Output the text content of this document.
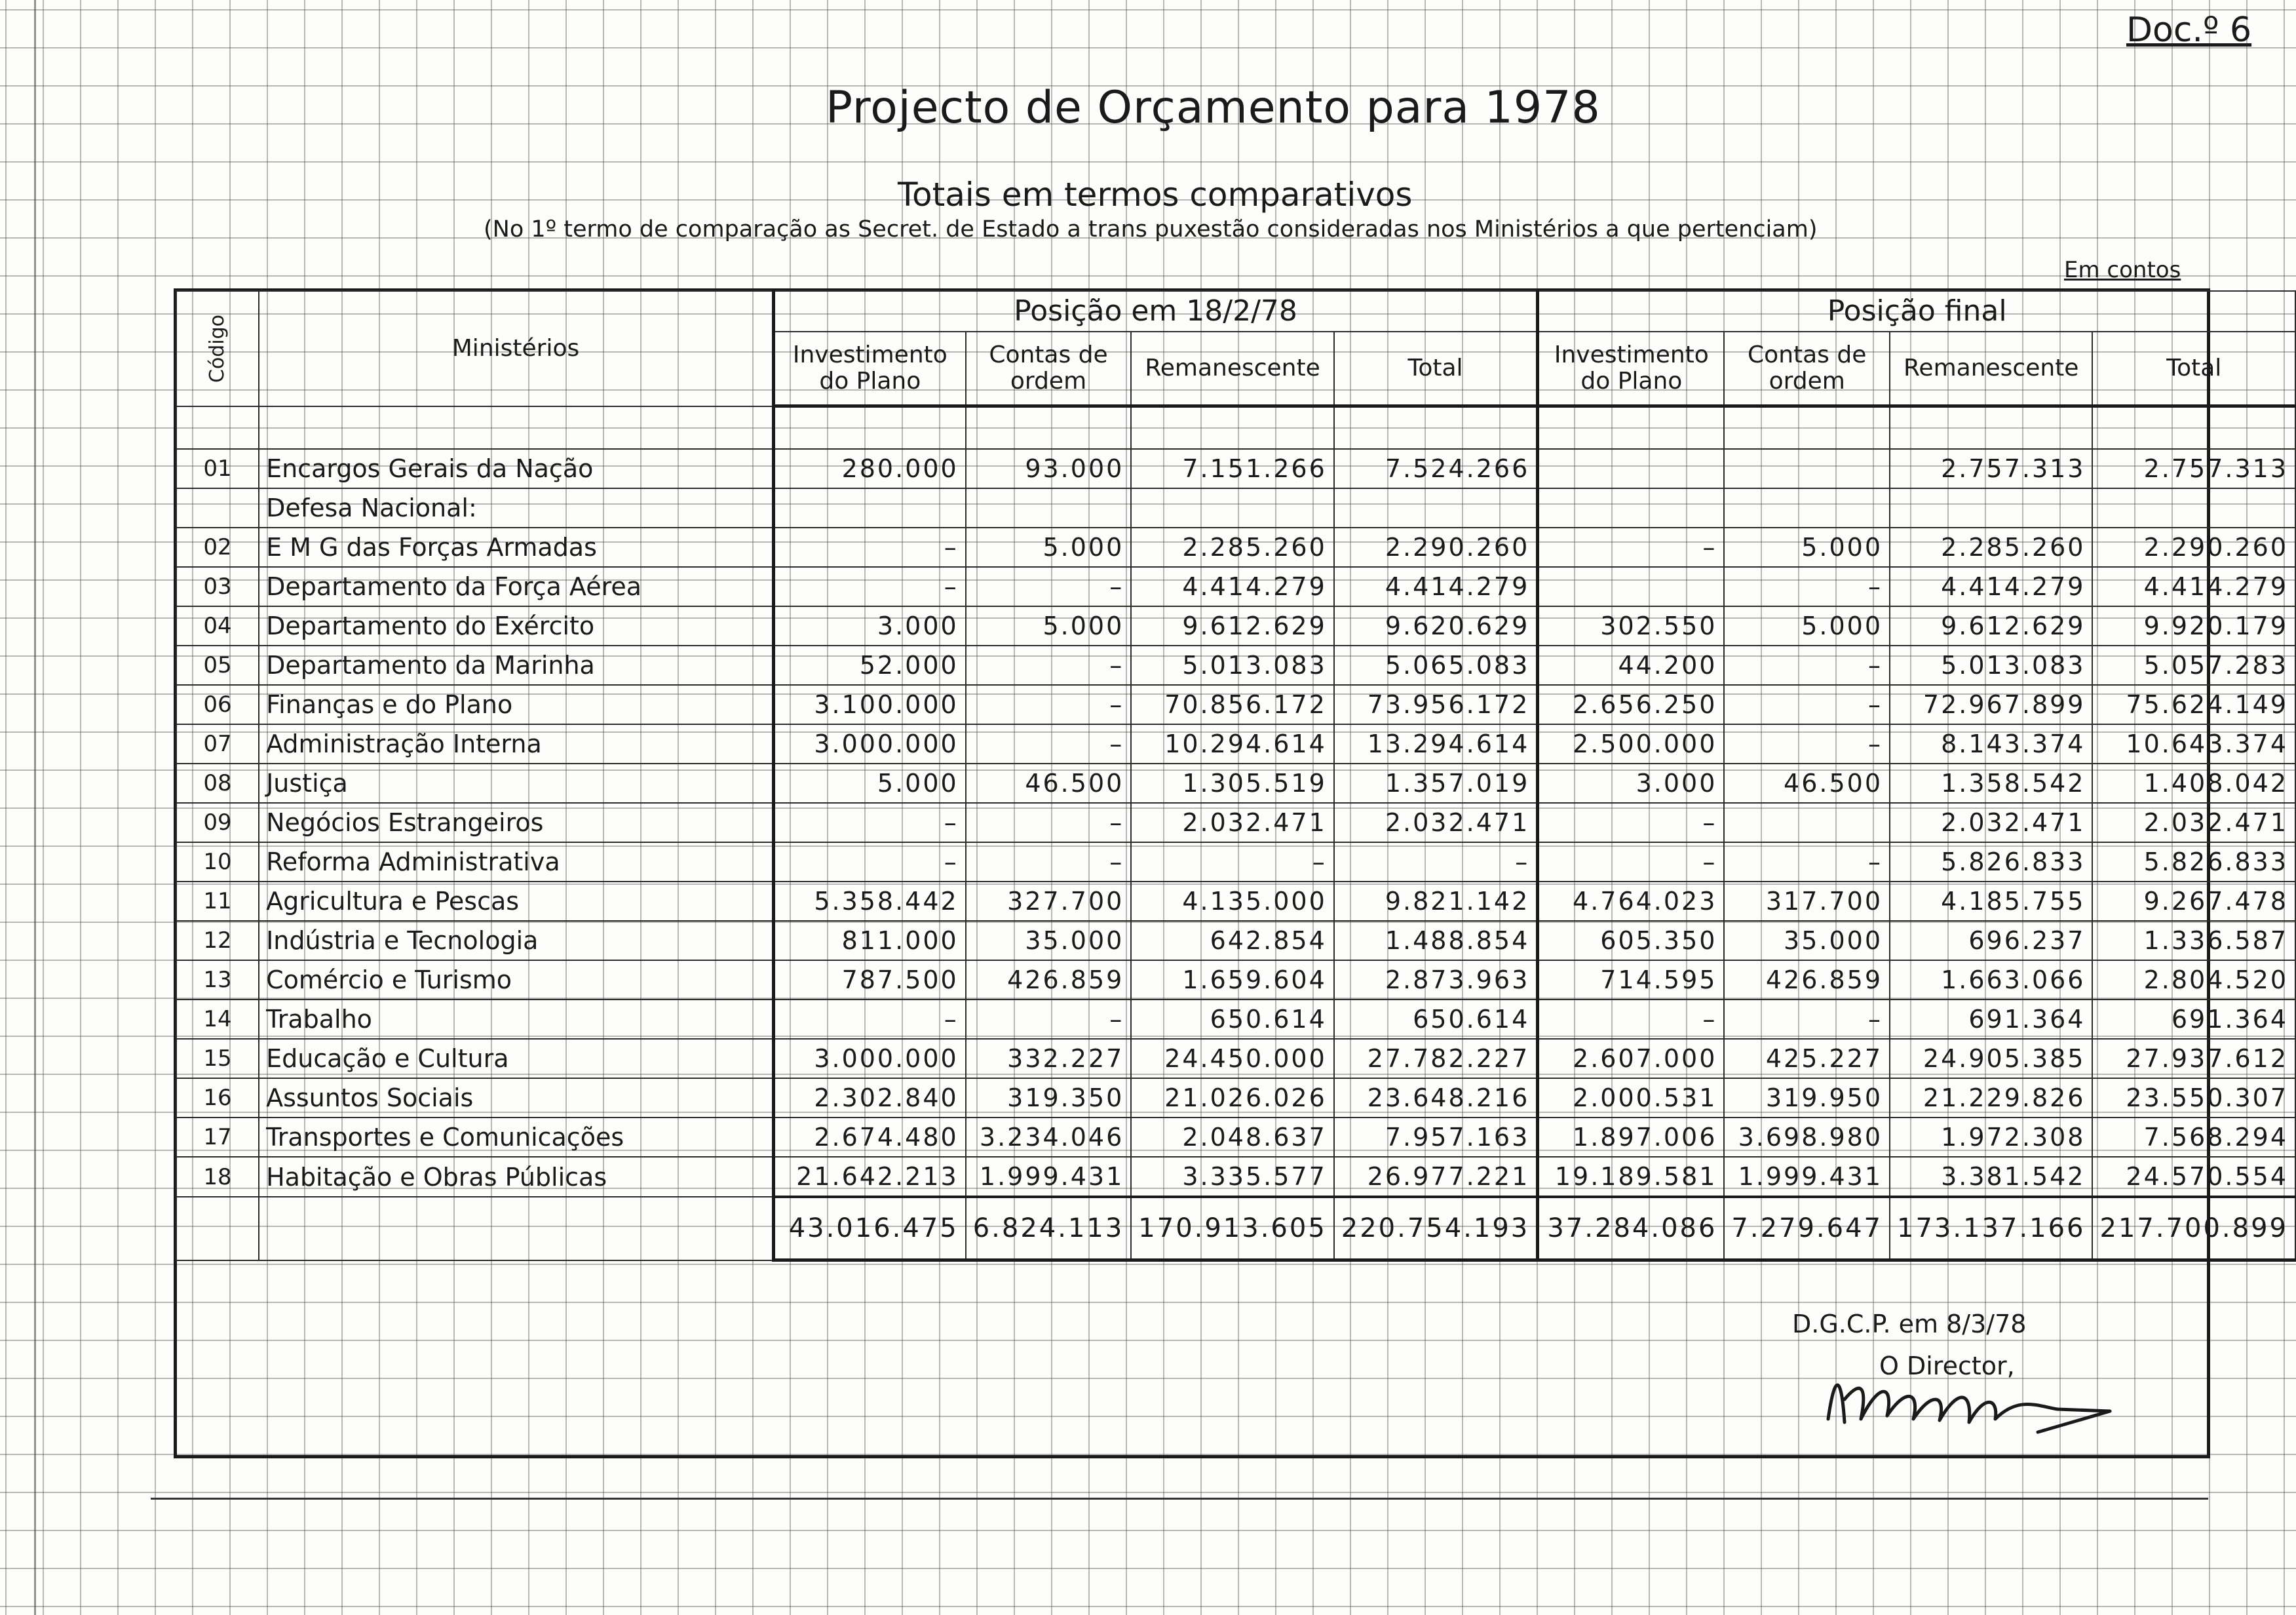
Doc.º 6
Projecto de Orçamento para 1978
Totais em termos comparativos
(No 1º termo de comparação as Secret. de Estado a trans puxestão consideradas nos Ministérios a que pertenciam)
Em contos
Código	Ministérios	Posição em 18/2/78				Posição final			
		Investimento do Plano	Contas de ordem	Remanescente	Total	Investimento do Plano	Contas de ordem	Remanescente	Total

01	Encargos Gerais da Nação	280.000	93.000	7.151.266	7.524.266			2.757.313	2.757.313
	Defesa Nacional:								
02	E M G das Forças Armadas	–	5.000	2.285.260	2.290.260	–	5.000	2.285.260	2.290.260
03	Departamento da Força Aérea	–	–	4.414.279	4.414.279		–	4.414.279	4.414.279
04	Departamento do Exército	3.000	5.000	9.612.629	9.620.629	302.550	5.000	9.612.629	9.920.179
05	Departamento da Marinha	52.000	–	5.013.083	5.065.083	44.200	–	5.013.083	5.057.283
06	Finanças e do Plano	3.100.000	–	70.856.172	73.956.172	2.656.250	–	72.967.899	75.624.149
07	Administração Interna	3.000.000	–	10.294.614	13.294.614	2.500.000	–	8.143.374	10.643.374
08	Justiça	5.000	46.500	1.305.519	1.357.019	3.000	46.500	1.358.542	1.408.042
09	Negócios Estrangeiros	–	–	2.032.471	2.032.471	–		2.032.471	2.032.471
10	Reforma Administrativa	–	–	–	–	–	–	5.826.833	5.826.833
11	Agricultura e Pescas	5.358.442	327.700	4.135.000	9.821.142	4.764.023	317.700	4.185.755	9.267.478
12	Indústria e Tecnologia	811.000	35.000	642.854	1.488.854	605.350	35.000	696.237	1.336.587
13	Comércio e Turismo	787.500	426.859	1.659.604	2.873.963	714.595	426.859	1.663.066	2.804.520
14	Trabalho	–	–	650.614	650.614	–	–	691.364	691.364
15	Educação e Cultura	3.000.000	332.227	24.450.000	27.782.227	2.607.000	425.227	24.905.385	27.937.612
16	Assuntos Sociais	2.302.840	319.350	21.026.026	23.648.216	2.000.531	319.950	21.229.826	23.550.307
17	Transportes e Comunicações	2.674.480	3.234.046	2.048.637	7.957.163	1.897.006	3.698.980	1.972.308	7.568.294
18	Habitação e Obras Públicas	21.642.213	1.999.431	3.335.577	26.977.221	19.189.581	1.999.431	3.381.542	24.570.554
		43.016.475	6.824.113	170.913.605	220.754.193	37.284.086	7.279.647	173.137.166	217.700.899

D.G.C.P. em 8/3/78
O Director,
